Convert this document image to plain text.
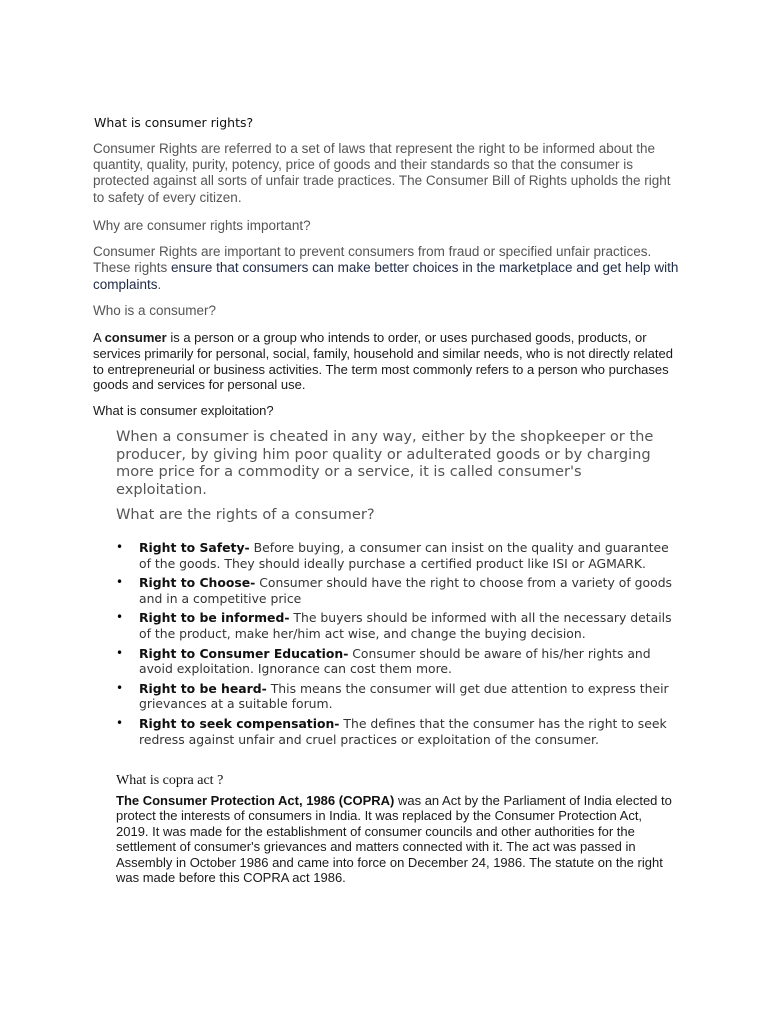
What is consumer rights?

Consumer Rights are referred to a set of laws that represent the right to be informed about the quantity, quality, purity, potency, price of goods and their standards so that the consumer is protected against all sorts of unfair trade practices. The Consumer Bill of Rights upholds the right to safety of every citizen.

Why are consumer rights important?

Consumer Rights are important to prevent consumers from fraud or specified unfair practices. These rights ensure that consumers can make better choices in the marketplace and get help with complaints.

Who is a consumer?

A consumer is a person or a group who intends to order, or uses purchased goods, products, or services primarily for personal, social, family, household and similar needs, who is not directly related to entrepreneurial or business activities. The term most commonly refers to a person who purchases goods and services for personal use.

What is consumer exploitation?

When a consumer is cheated in any way, either by the shopkeeper or the producer, by giving him poor quality or adulterated goods or by charging more price for a commodity or a service, it is called consumer's exploitation.

What are the rights of a consumer?
• Right to Safety- Before buying, a consumer can insist on the quality and guarantee of the goods. They should ideally purchase a certified product like ISI or AGMARK.
• Right to Choose- Consumer should have the right to choose from a variety of goods and in a competitive price
• Right to be informed- The buyers should be informed with all the necessary details of the product, make her/him act wise, and change the buying decision.
• Right to Consumer Education- Consumer should be aware of his/her rights and avoid exploitation. Ignorance can cost them more.
• Right to be heard- This means the consumer will get due attention to express their grievances at a suitable forum.
• Right to seek compensation- The defines that the consumer has the right to seek redress against unfair and cruel practices or exploitation of the consumer.
What is copra act ?

The Consumer Protection Act, 1986 (COPRA) was an Act by the Parliament of India elected to protect the interests of consumers in India. It was replaced by the Consumer Protection Act, 2019. It was made for the establishment of consumer councils and other authorities for the settlement of consumer's grievances and matters connected with it. The act was passed in Assembly in October 1986 and came into force on December 24, 1986. The statute on the right was made before this COPRA act 1986.
